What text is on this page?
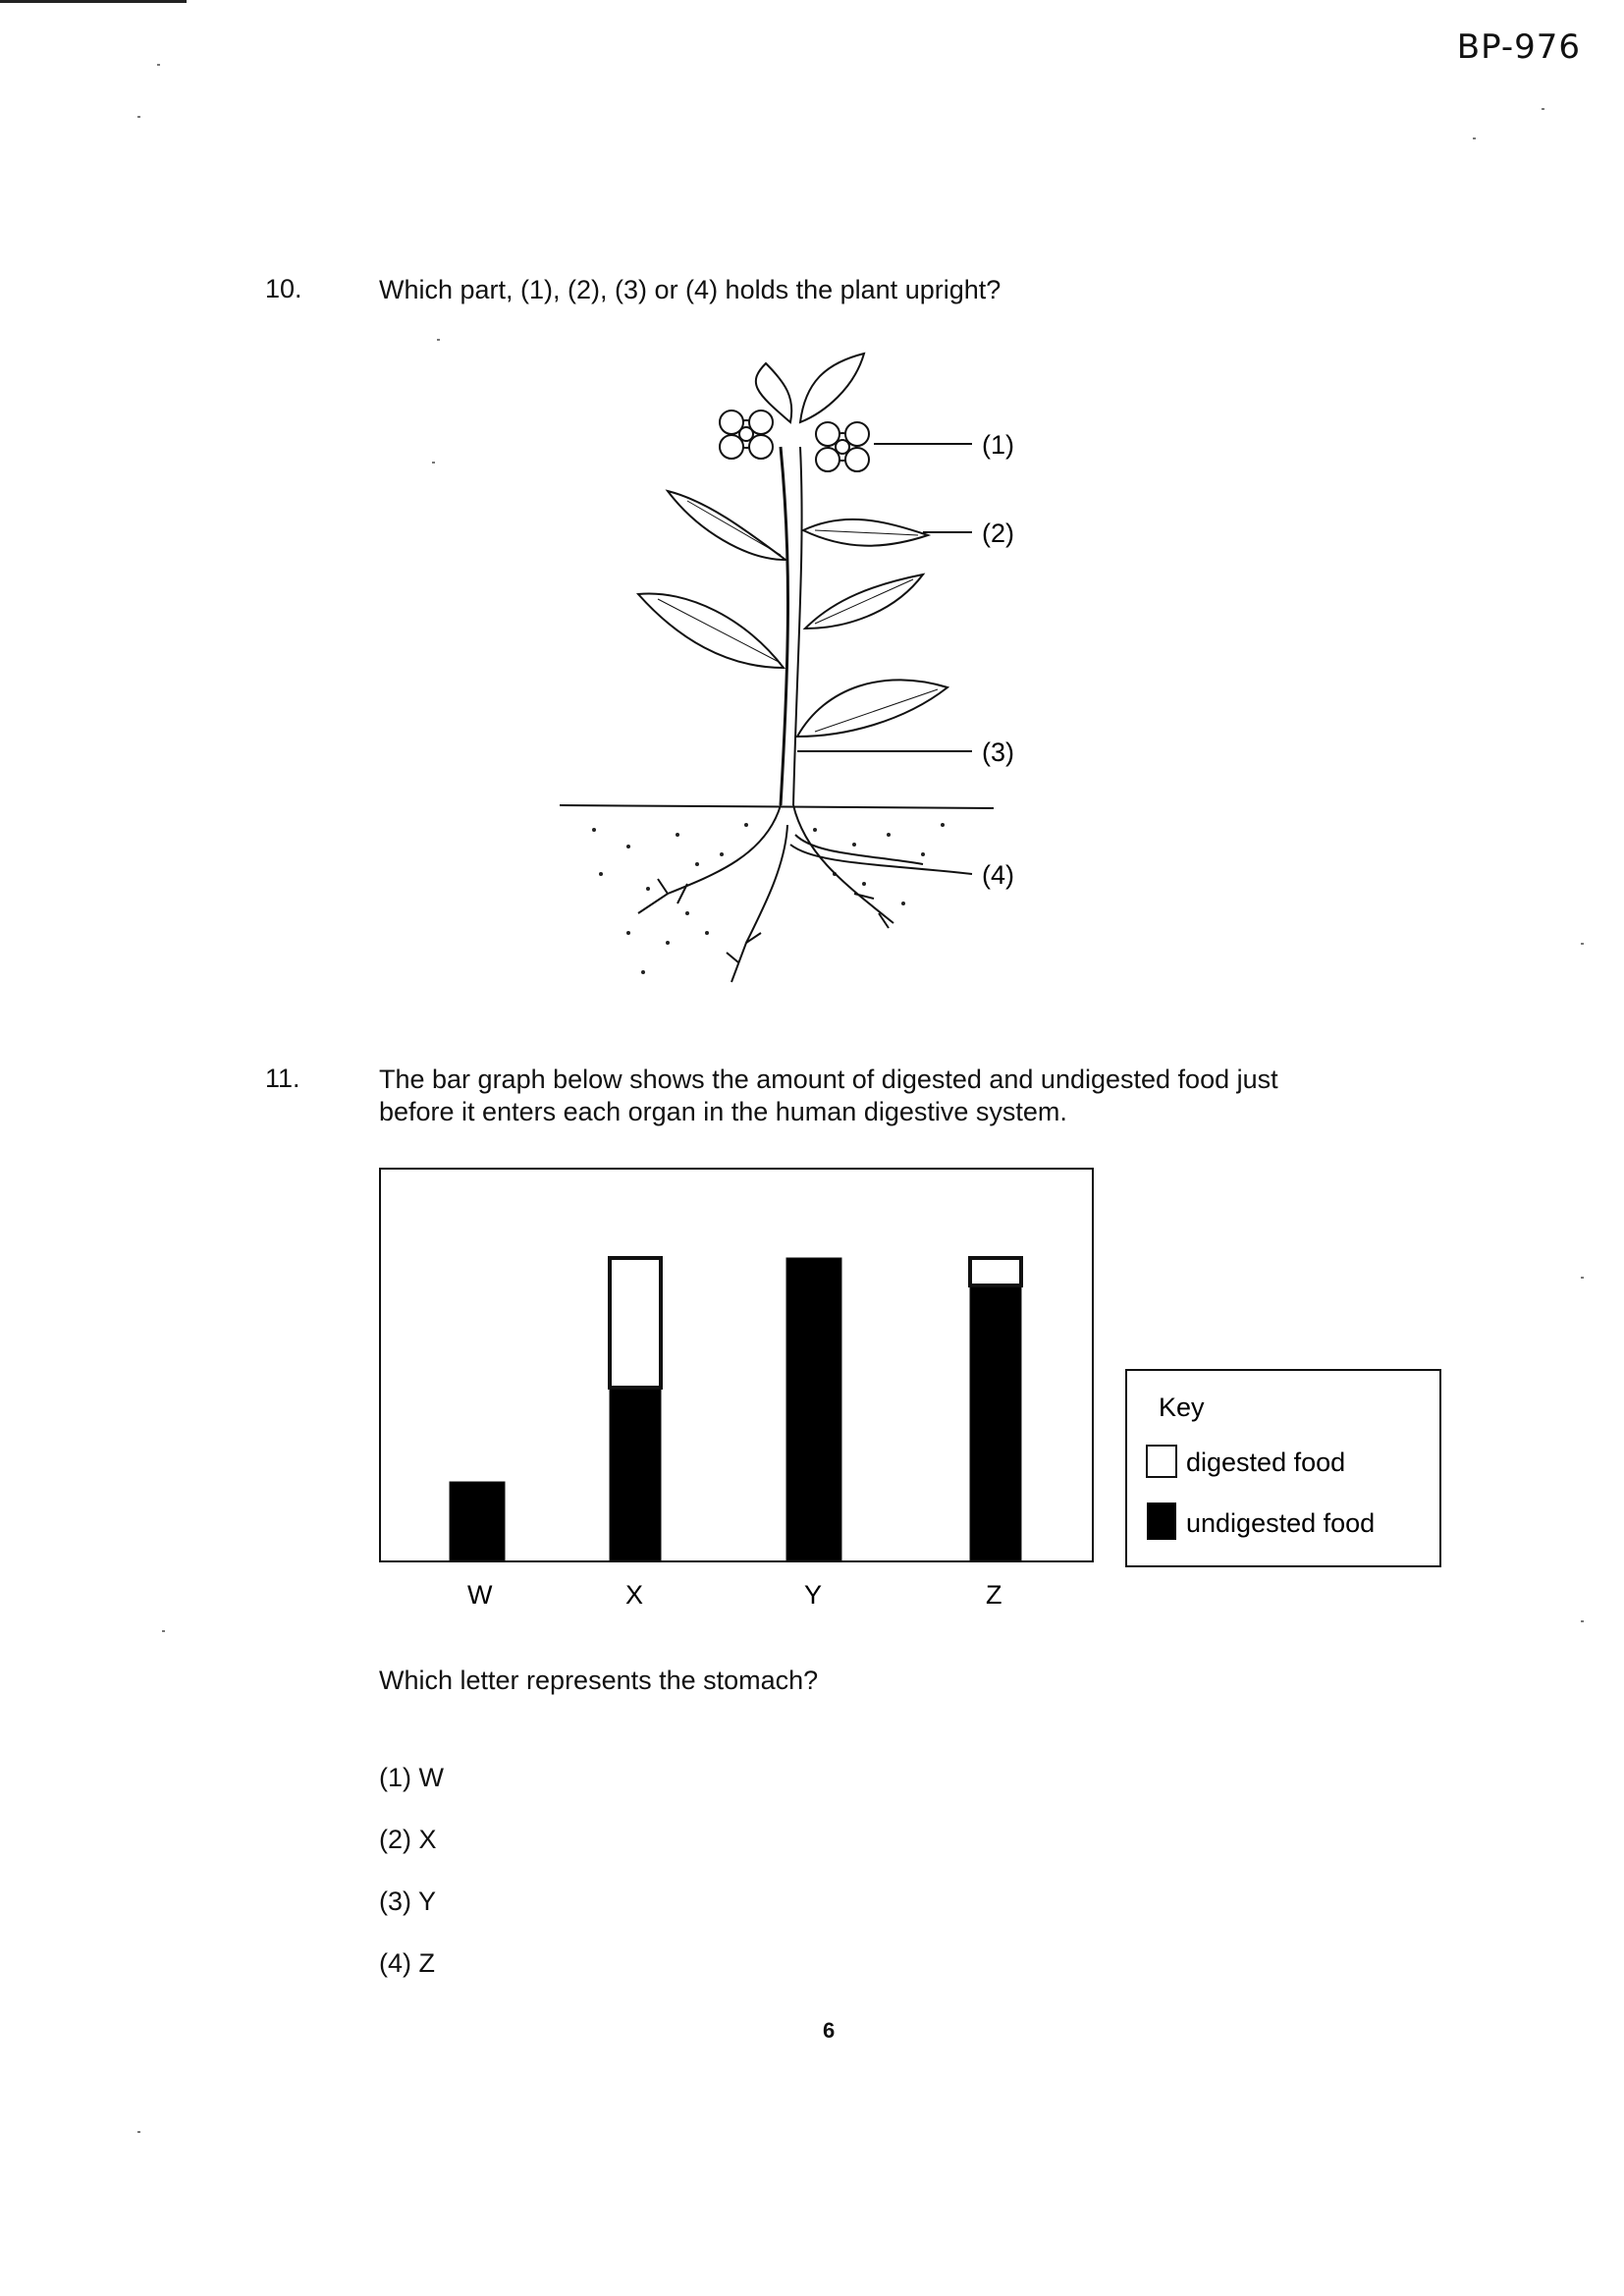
BP-976
10.	Which part, (1), (2), (3) or (4) holds the plant upright?
(1)
(2)
(3)
(4)
11.	The bar graph below shows the amount of digested and undigested food just
before it enters each organ in the human digestive system.
W	X	Y	Z
Key
digested food
undigested food
Which letter represents the stomach?
(1) W
(2) X
(3) Y
(4) Z
6
